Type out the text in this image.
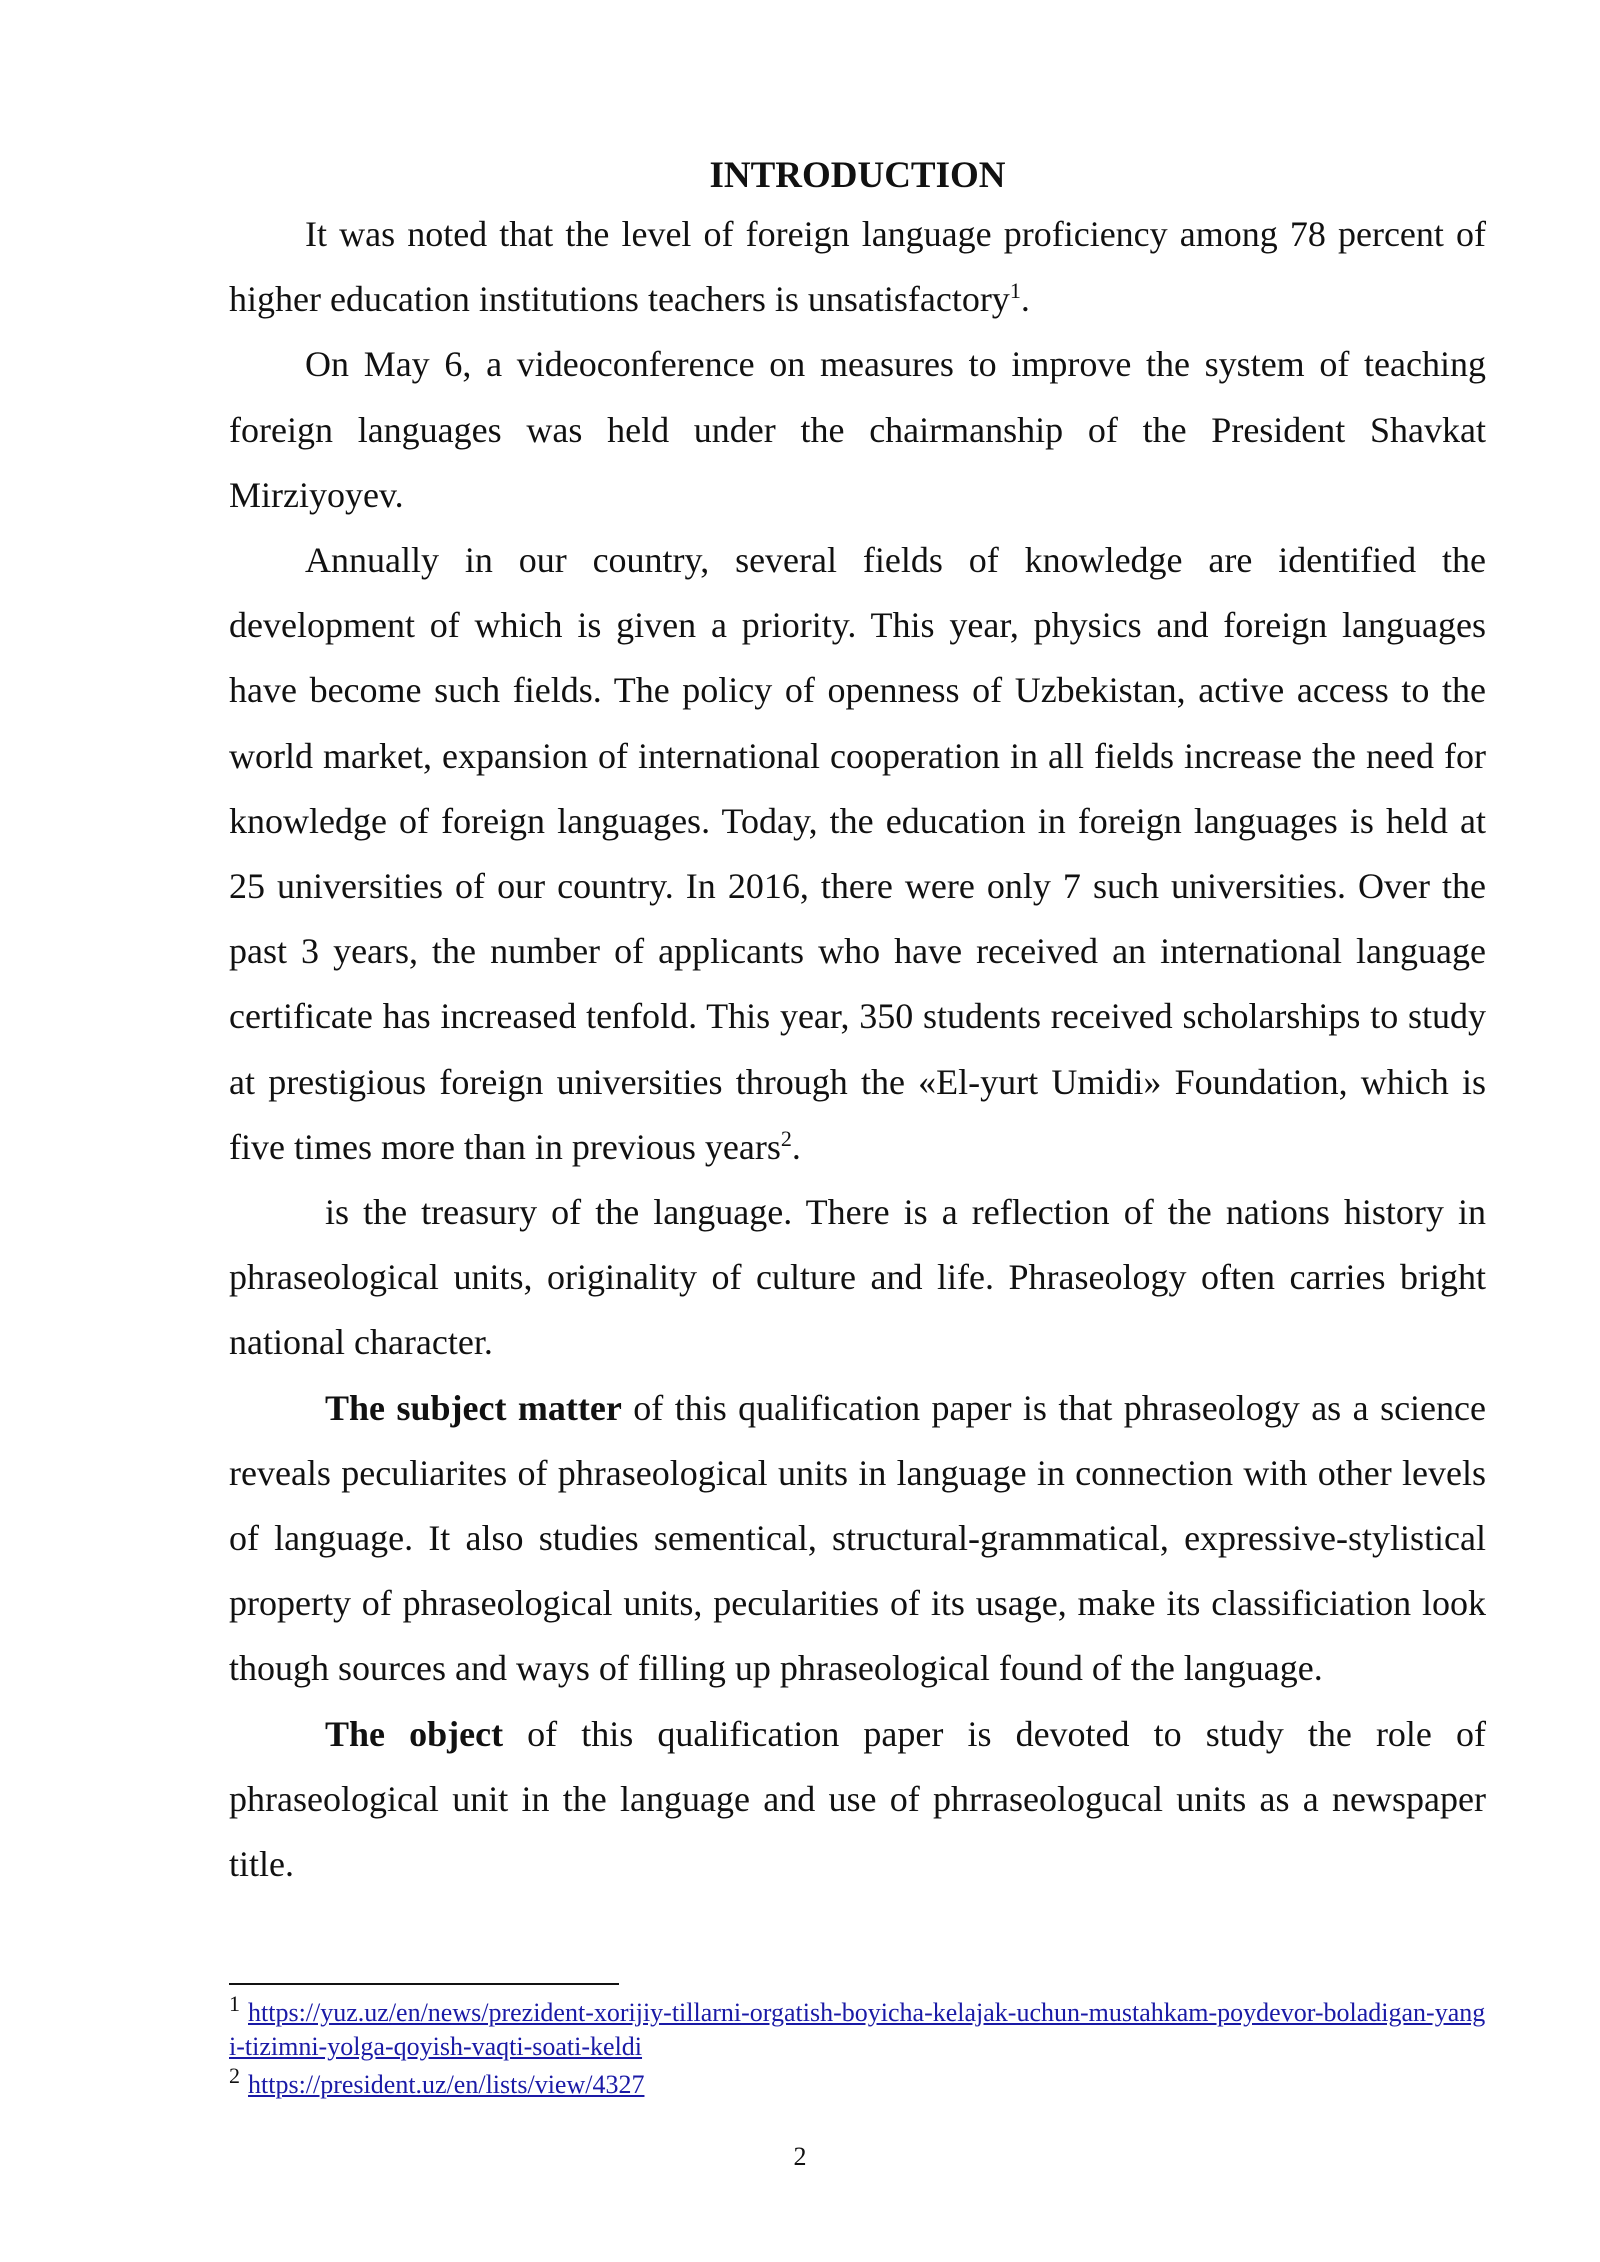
INTRODUCTION

It was noted that the level of foreign language proficiency among 78 percent of higher education institutions teachers is unsatisfactory$^1$.

On May 6, a videoconference on measures to improve the system of teaching foreign languages was held under the chairmanship of the President Shavkat Mirziyoyev.

Annually in our country, several fields of knowledge are identified the development of which is given a priority. This year, physics and foreign languages have become such fields. The policy of openness of Uzbekistan, active access to the world market, expansion of international cooperation in all fields increase the need for knowledge of foreign languages. Today, the education in foreign languages is held at 25 universities of our country. In 2016, there were only 7 such universities. Over the past 3 years, the number of applicants who have received an international language certificate has increased tenfold. This year, 350 students received scholarships to study at prestigious foreign universities through the «El-yurt Umidi» Foundation, which is five times more than in previous years$^2$.

is the treasury of the language. There is a reflection of the nations history in phraseological units, originality of culture and life. Phraseology often carries bright national character.

The subject matter of this qualification paper is that phraseology as a science reveals peculiarites of phraseological units in language in connection with other levels of language. It also studies sementical, structural-grammatical, expressive-stylistical property of phraseological units, pecularities of its usage, make its classificiation look though sources and ways of filling up phraseological found of the language.

The object of this qualification paper is devoted to study the role of phraseological unit in the language and use of phrraseologucal units as a newspaper title.

$^1$ https://yuz.uz/en/news/prezident-xorijiy-tillarni-orgatish-boyicha-kelajak-uchun-mustahkam-poydevor-boladigan-yangi-tizimni-yolga-qoyish-vaqti-soati-keldi

$^2$ https://president.uz/en/lists/view/4327

2
